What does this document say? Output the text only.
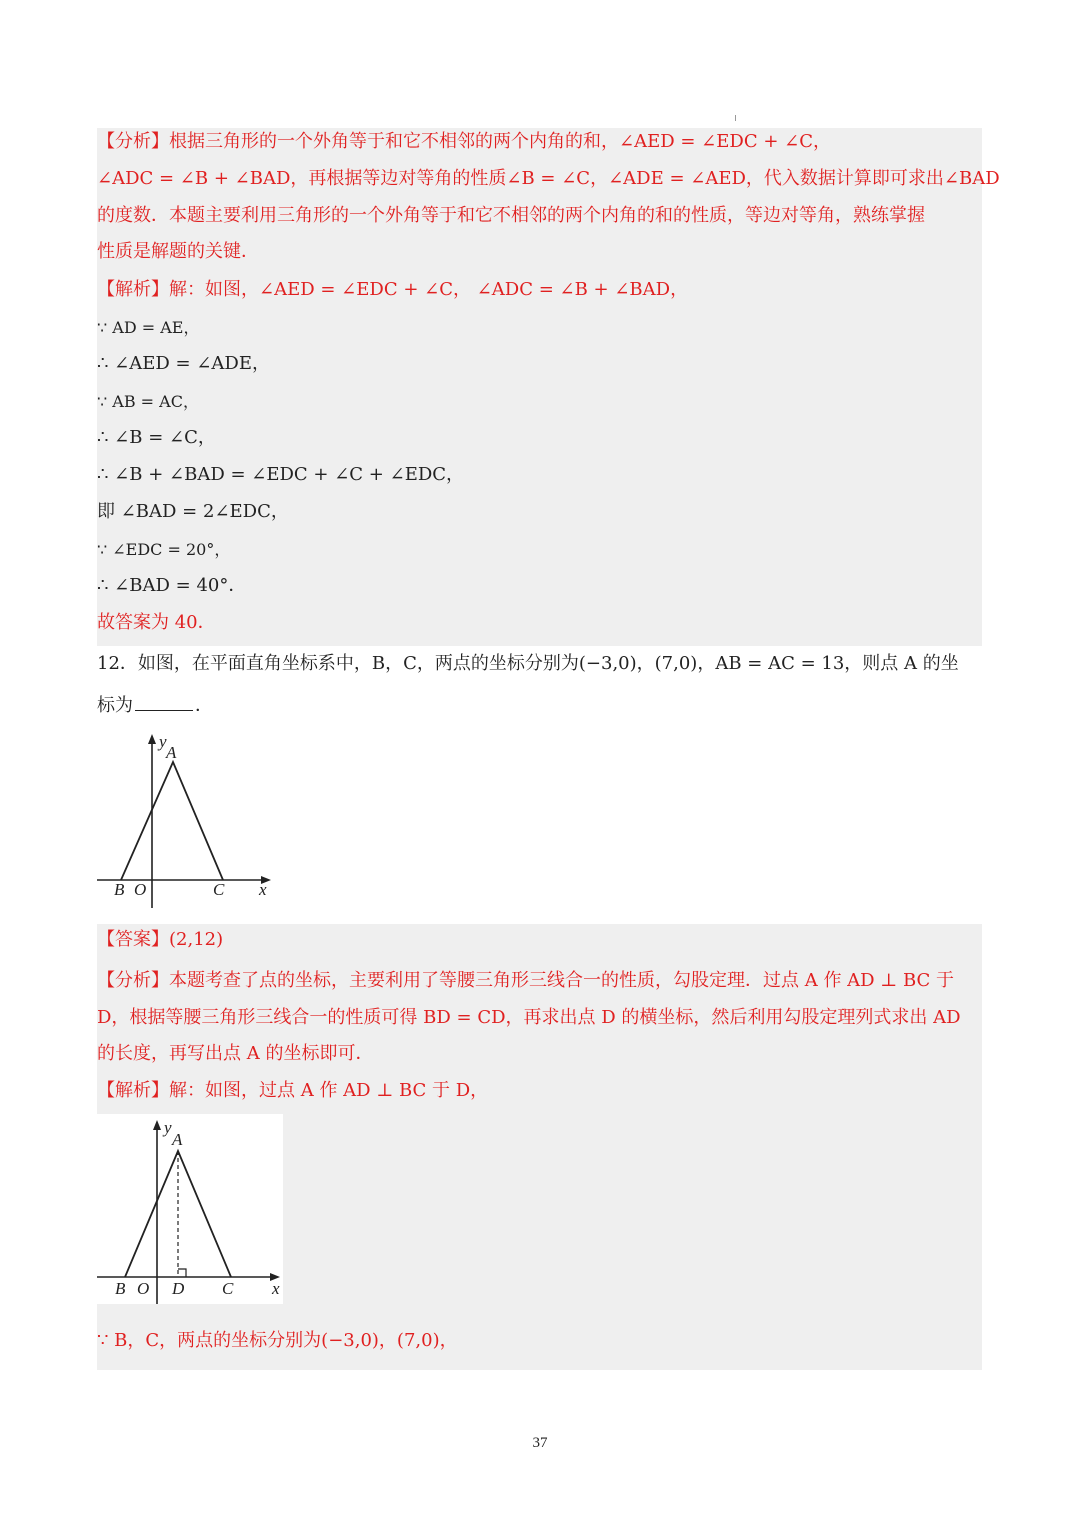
【分析】根据三角形的一个外角等于和它不相邻的两个内角的和，∠AED = ∠EDC + ∠C，
∠ADC = ∠B + ∠BAD，再根据等边对等角的性质∠B = ∠C，∠ADE = ∠AED，代入数据计算即可求出∠BAD
的度数．本题主要利用三角形的一个外角等于和它不相邻的两个内角的和的性质，等边对等角，熟练掌握
性质是解题的关键．
【解析】解：如图，∠AED = ∠EDC + ∠C， ∠ADC = ∠B + ∠BAD，
∵ AD = AE，
∴ ∠AED = ∠ADE，
∵ AB = AC，
∴ ∠B = ∠C，
∴ ∠B + ∠BAD = ∠EDC + ∠C + ∠EDC，
即 ∠BAD = 2∠EDC，
∵ ∠EDC = 20°，
∴ ∠BAD = 40°．
故答案为 40．
12．如图，在平面直角坐标系中，B，C，两点的坐标分别为(−3,0)，(7,0)，AB = AC = 13，则点 A 的坐
标为	．
y
A
B O	C x
【答案】(2,12)
【分析】本题考查了点的坐标，主要利用了等腰三角形三线合一的性质，勾股定理．过点 A 作 AD ⊥ BC 于
D，根据等腰三角形三线合一的性质可得 BD = CD，再求出点 D 的横坐标，然后利用勾股定理列式求出 AD
的长度，再写出点 A 的坐标即可．
【解析】解：如图，过点 A 作 AD ⊥ BC 于 D，
y
A
B O D C x
∵ B，C，两点的坐标分别为(−3,0)，(7,0)，
37
